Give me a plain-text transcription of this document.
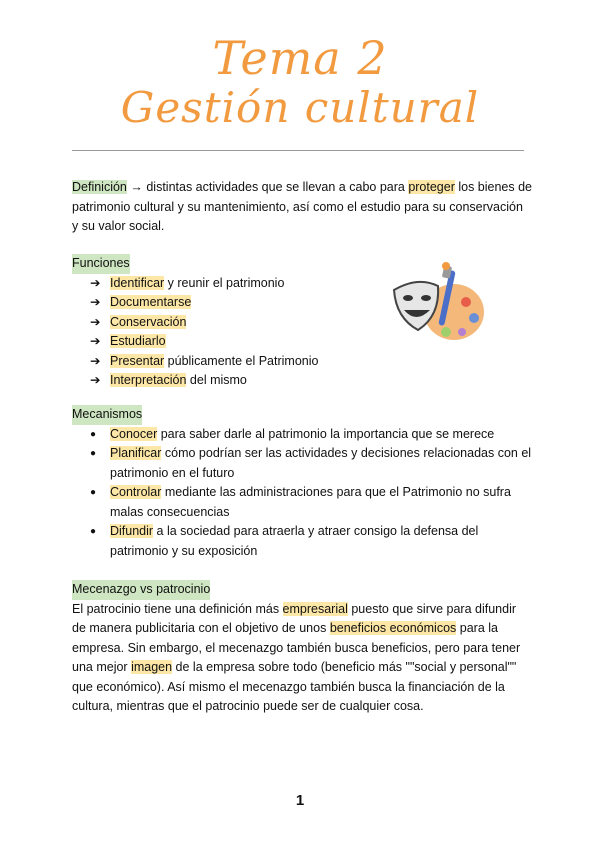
Tema 2
Gestión cultural
Definición → distintas actividades que se llevan a cabo para proteger los bienes de patrimonio cultural y su mantenimiento, así como el estudio para su conservación y su valor social.
Funciones
➔ Identificar y reunir el patrimonio
➔ Documentarse
➔ Conservación
➔ Estudiarlo
➔ Presentar públicamente el Patrimonio
➔ Interpretación del mismo
Mecanismos
● Conocer para saber darle al patrimonio la importancia que se merece
● Planificar cómo podrían ser las actividades y decisiones relacionadas con el patrimonio en el futuro
● Controlar mediante las administraciones para que el Patrimonio no sufra malas consecuencias
● Difundir a la sociedad para atraerla y atraer consigo la defensa del patrimonio y su exposición
Mecenazgo vs patrocinio
El patrocinio tiene una definición más empresarial puesto que sirve para difundir de manera publicitaria con el objetivo de unos beneficios económicos para la empresa. Sin embargo, el mecenazgo también busca beneficios, pero para tener una mejor imagen de la empresa sobre todo (beneficio más ""social y personal"" que económico). Así mismo el mecenazgo también busca la financiación de la cultura, mientras que el patrocinio puede ser de cualquier cosa.
1
